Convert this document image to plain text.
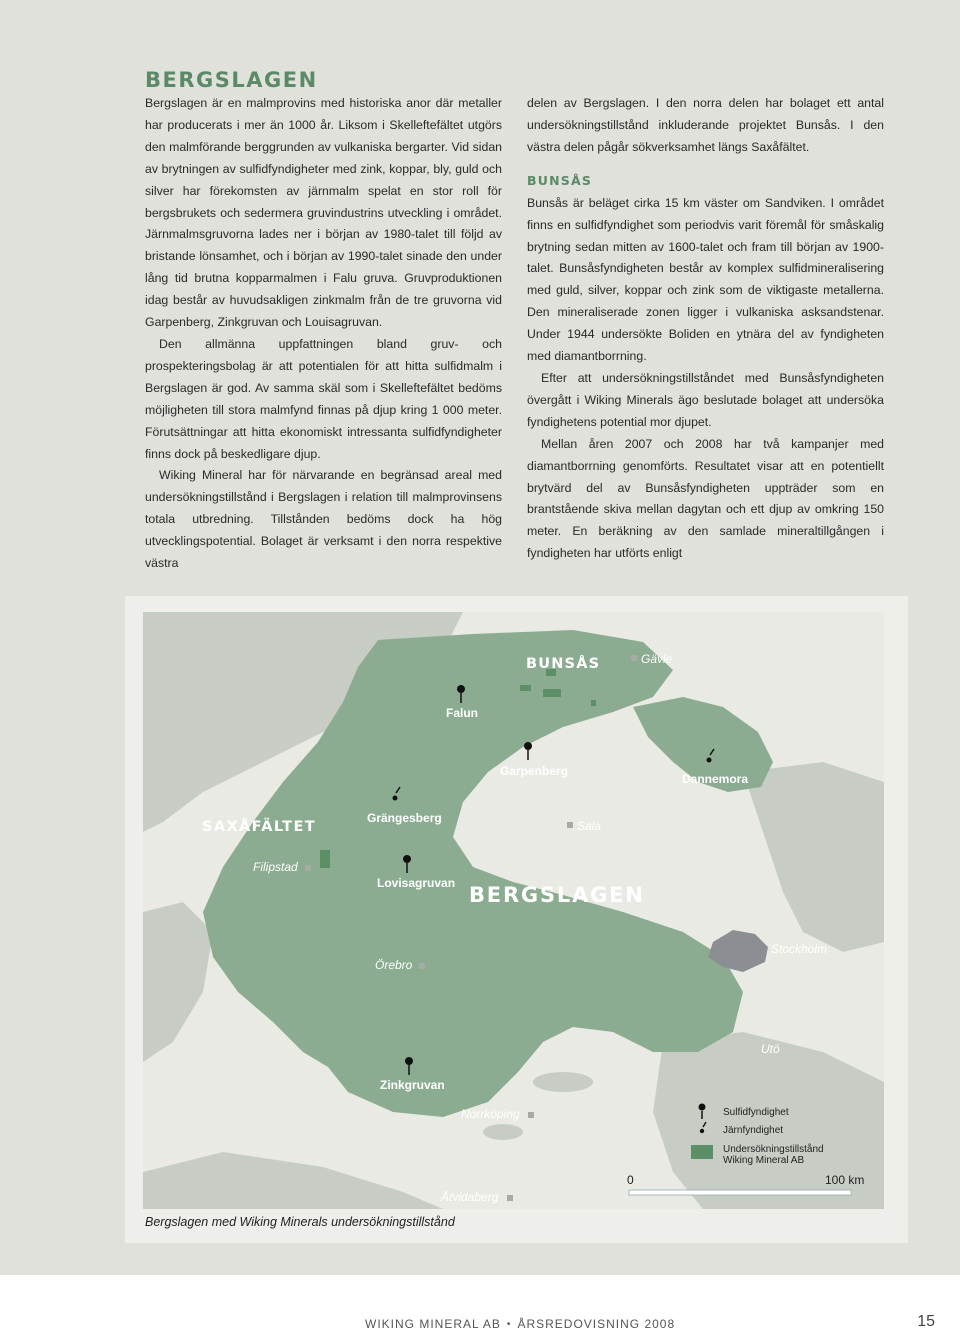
BERGSLAGEN

Bergslagen är en malmprovins med historiska anor där metaller har producerats i mer än 1000 år. Liksom i Skelleftefältet utgörs den malmförande berggrunden av vulkaniska bergarter. Vid sidan av brytningen av sulfidfyndigheter med zink, koppar, bly, guld och silver har förekomsten av järnmalm spelat en stor roll för bergsbrukets och sedermera gruvindustrins utveckling i området. Järnmalmsgruvorna lades ner i början av 1980-talet till följd av bristande lönsamhet, och i början av 1990-talet sinade den under lång tid brutna kopparmalmen i Falu gruva. Gruvproduktionen idag består av huvudsakligen zinkmalm från de tre gruvorna vid Garpenberg, Zinkgruvan och Louisagruvan.

Den allmänna uppfattningen bland gruv- och prospekteringsbolag är att potentialen för att hitta sulfidmalm i Bergslagen är god. Av samma skäl som i Skelleftefältet bedöms möjligheten till stora malmfynd finnas på djup kring 1 000 meter. Förutsättningar att hitta ekonomiskt intressanta sulfidfyndigheter finns dock på beskedligare djup.

Wiking Mineral har för närvarande en begränsad areal med undersökningstillstånd i Bergslagen i relation till malmprovinsens totala utbredning. Tillstånden bedöms dock ha hög utvecklingspotential. Bolaget är verksamt i den norra respektive västra

delen av Bergslagen. I den norra delen har bolaget ett antal undersökningstillstånd inkluderande projektet Bunsås. I den västra delen pågår sökverksamhet längs Saxåfältet.

BUNSÅS

Bunsås är beläget cirka 15 km väster om Sandviken. I området finns en sulfidfyndighet som periodvis varit föremål för småskalig brytning sedan mitten av 1600-talet och fram till början av 1900-talet. Bunsåsfyndigheten består av komplex sulfidmineralisering med guld, silver, koppar och zink som de viktigaste metallerna. Den mineraliserade zonen ligger i vulkaniska asksandstenar. Under 1944 undersökte Boliden en ytnära del av fyndigheten med diamantborrning.

Efter att undersökningstillståndet med Bunsåsfyndigheten övergått i Wiking Minerals ägo beslutade bolaget att undersöka fyndighetens potential mor djupet.

Mellan åren 2007 och 2008 har två kampanjer med diamantborrning genomförts. Resultatet visar att en potentiellt brytvärd del av Bunsåsfyndigheten uppträder som en brantstående skiva mellan dagytan och ett djup av omkring 150 meter. En beräkning av den samlade mineraltillgången i fyndigheten har utförts enligt

BUNSÅS
SAXÅFÄLTET
BERGSLAGEN
Falun
Garpenberg
Dannemora
Grängesberg
Lovisagruvan
Zinkgruvan
Gävle
Sala
Filipstad
Stockholm
Örebro
Utö
Norrköping
Åtvidaberg
Sulfidfyndighet
Järnfyndighet
Undersökningstillstånd
Wiking Mineral AB
0	100 km

Bergslagen med Wiking Minerals undersökningstillstånd

WIKING MINERAL AB • ÅRSREDOVISNING 2008	15
